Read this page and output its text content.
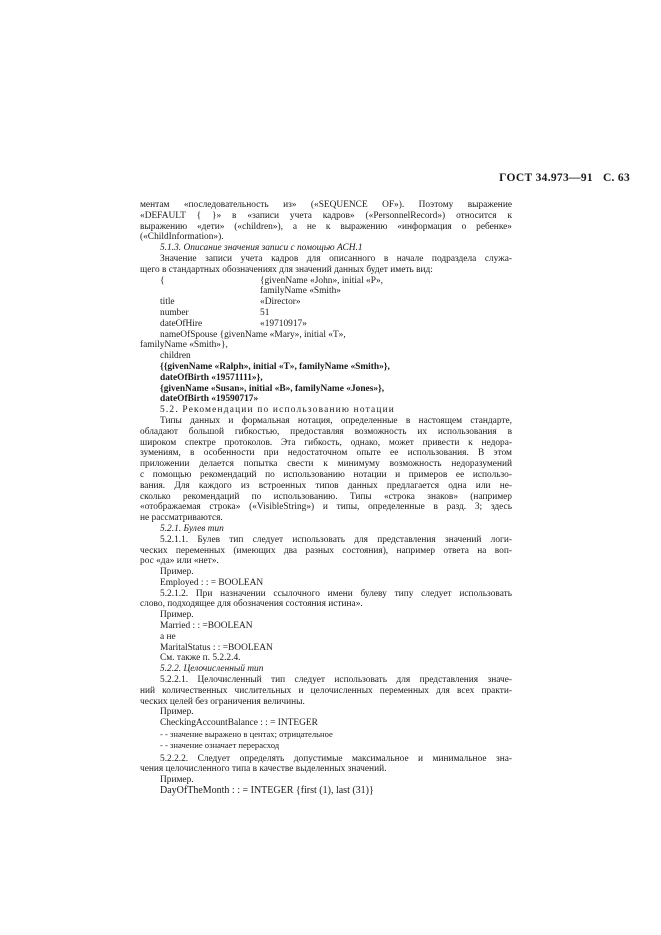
ГОСТ 34.973—91 С. 63
ментам «последовательность из» («SEQUENCE OF»). Поэтому выражение
«DEFAULT { }» в «записи учета кадров» («PersonnelRecord») относится к
выражению «дети» («children»), а не к выражению «информация о ребенке»
(«ChildInformation»).
5.1.3. Описание значения записи с помощью АСН.1
Значение записи учета кадров для описанного в начале подраздела служа-
щего в стандартных обозначениях для значений данных будет иметь вид:
{	{givenName «John», initial «P»,
familyName «Smith»
title	«Director»
number	51
dateOfHire	«19710917»
nameOfSpouse {givenName «Mary», initial «T»,
familyName «Smith»},
children
{{givenName «Ralph», initial «T», familyName «Smith»},
dateOfBirth «19571111»},
{givenName «Susan», initial «B», familyName «Jones»},
dateOfBirth «19590717»
5.2. Рекомендации по использованию нотации
Типы данных и формальная нотация, определенные в настоящем стандарте,
обладают большой гибкостью, предоставляя возможность их использования в
широком спектре протоколов. Эта гибкость, однако, может привести к недора-
зумениям, в особенности при недостаточном опыте ее использования. В этом
приложении делается попытка свести к минимуму возможность недоразумений
с помощью рекомендаций по использованию нотации и примеров ее использо-
вания. Для каждого из встроенных типов данных предлагается одна или не-
сколько рекомендаций по использованию. Типы «строка знаков» (например
«отображаемая строка» («VisibleString») и типы, определенные в разд. 3; здесь
не рассматриваются.
5.2.1. Булев тип
5.2.1.1. Булев тип следует использовать для представления значений логи-
ческих переменных (имеющих два разных состояния), например ответа на воп-
рос «да» или «нет».
Пример.
Employed : : = BOOLEAN
5.2.1.2. При назначении ссылочного имени булеву типу следует использовать
слово, подходящее для обозначения состояния истина».
Пример.
Married : : =BOOLEAN
а не
MaritalStatus : : =BOOLEAN
См. также п. 5.2.2.4.
5.2.2. Целочисленный тип
5.2.2.1. Целочисленный тип следует использовать для представления значе-
ний количественных числительных и целочисленных переменных для всех практи-
ческих целей без ограничения величины.
Пример.
CheckingAccountBalance : : = INTEGER
- - значение выражено в центах; отрицательное
- - значение означает перерасход
5.2.2.2. Следует определять допустимые максимальное и минимальное зна-
чения целочисленного типа в качестве выделенных значений.
Пример.
DayOfTheMonth : : = INTEGER {first (1), last (31)}
